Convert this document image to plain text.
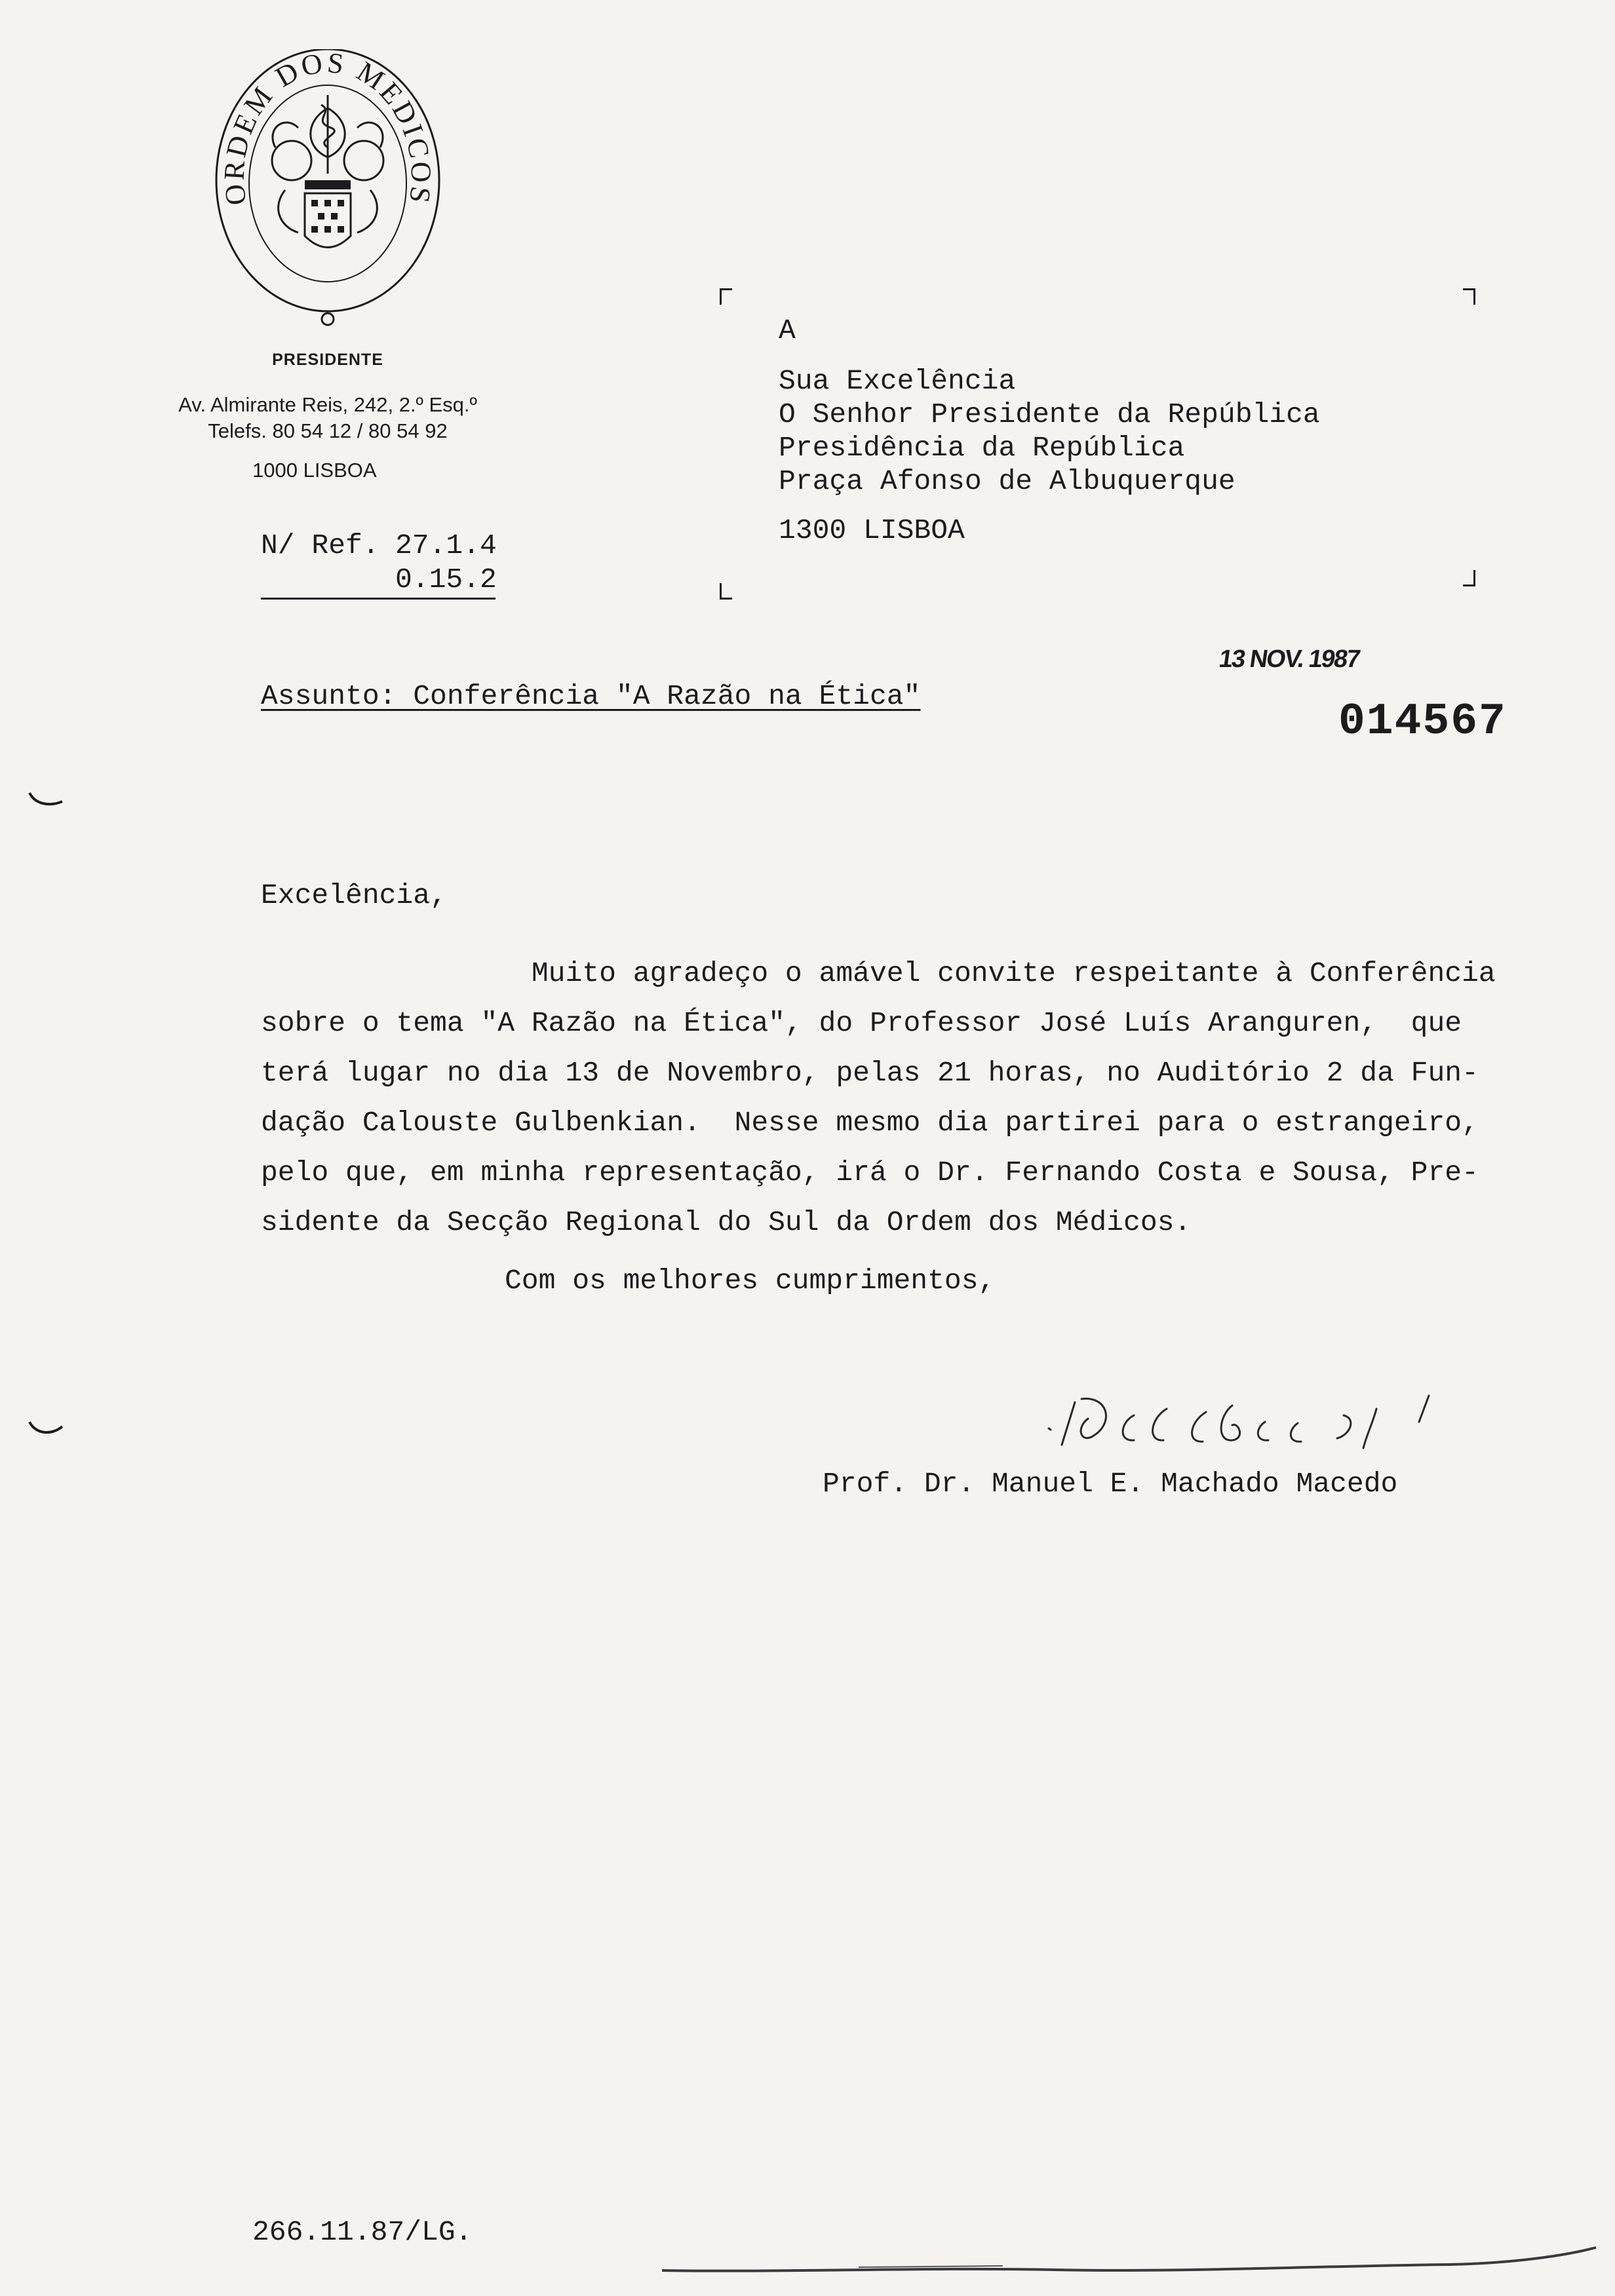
ORDEM DOS MEDICOS
PRESIDENTE
Av. Almirante Reis, 242, 2.º Esq.º
Telefs. 80 54 12 / 80 54 92
1000 LISBOA
N/ Ref. 27.1.4
0.15.2
A
Sua Excelência
O Senhor Presidente da República
Presidência da República
Praça Afonso de Albuquerque
1300 LISBOA
13 NOV. 1987
014567
Assunto: Conferência "A Razão na Ética"
Excelência,
Muito agradeço o amável convite respeitante à Conferência
sobre o tema "A Razão na Ética", do Professor José Luís Aranguren,  que
terá lugar no dia 13 de Novembro, pelas 21 horas, no Auditório 2 da Fun-
dação Calouste Gulbenkian.  Nesse mesmo dia partirei para o estrangeiro,
pelo que, em minha representação, irá o Dr. Fernando Costa e Sousa, Pre-
sidente da Secção Regional do Sul da Ordem dos Médicos.
Com os melhores cumprimentos,
Prof. Dr. Manuel E. Machado Macedo
266.11.87/LG.
